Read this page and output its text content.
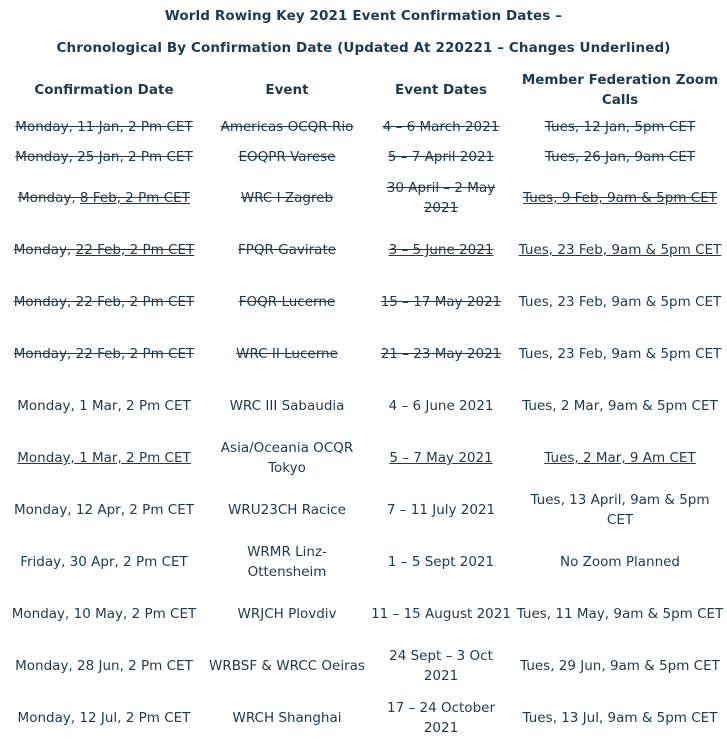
World Rowing Key 2021 Event Confirmation Dates –
Chronological By Confirmation Date (Updated At 220221 – Changes Underlined)
Confirmation Date	Event	Event Dates	Member Federation Zoom Calls
Monday, 11 Jan, 2 Pm CET	Americas OCQR Rio	4 – 6 March 2021	Tues, 12 Jan, 5pm CET
Monday, 25 Jan, 2 Pm CET	EOQPR Varese	5 – 7 April 2021	Tues, 26 Jan, 9am CET
Monday, 8 Feb, 2 Pm CET	WRC I Zagreb	30 April – 2 May 2021	Tues, 9 Feb, 9am & 5pm CET
Monday, 22 Feb, 2 Pm CET	FPQR Gavirate	3 – 5 June 2021	Tues, 23 Feb, 9am & 5pm CET
Monday, 22 Feb, 2 Pm CET	FOQR Lucerne	15 – 17 May 2021	Tues, 23 Feb, 9am & 5pm CET
Monday, 22 Feb, 2 Pm CET	WRC II Lucerne	21 – 23 May 2021	Tues, 23 Feb, 9am & 5pm CET
Monday, 1 Mar, 2 Pm CET	WRC III Sabaudia	4 – 6 June 2021	Tues, 2 Mar, 9am & 5pm CET
Monday, 1 Mar, 2 Pm CET	Asia/Oceania OCQR Tokyo	5 – 7 May 2021	Tues, 2 Mar, 9 Am CET
Monday, 12 Apr, 2 Pm CET	WRU23CH Racice	7 – 11 July 2021	Tues, 13 April, 9am & 5pm CET
Friday, 30 Apr, 2 Pm CET	WRMR Linz-Ottensheim	1 – 5 Sept 2021	No Zoom Planned
Monday, 10 May, 2 Pm CET	WRJCH Plovdiv	11 – 15 August 2021	Tues, 11 May, 9am & 5pm CET
Monday, 28 Jun, 2 Pm CET	WRBSF & WRCC Oeiras	24 Sept – 3 Oct 2021	Tues, 29 Jun, 9am & 5pm CET
Monday, 12 Jul, 2 Pm CET	WRCH Shanghai	17 – 24 October 2021	Tues, 13 Jul, 9am & 5pm CET
